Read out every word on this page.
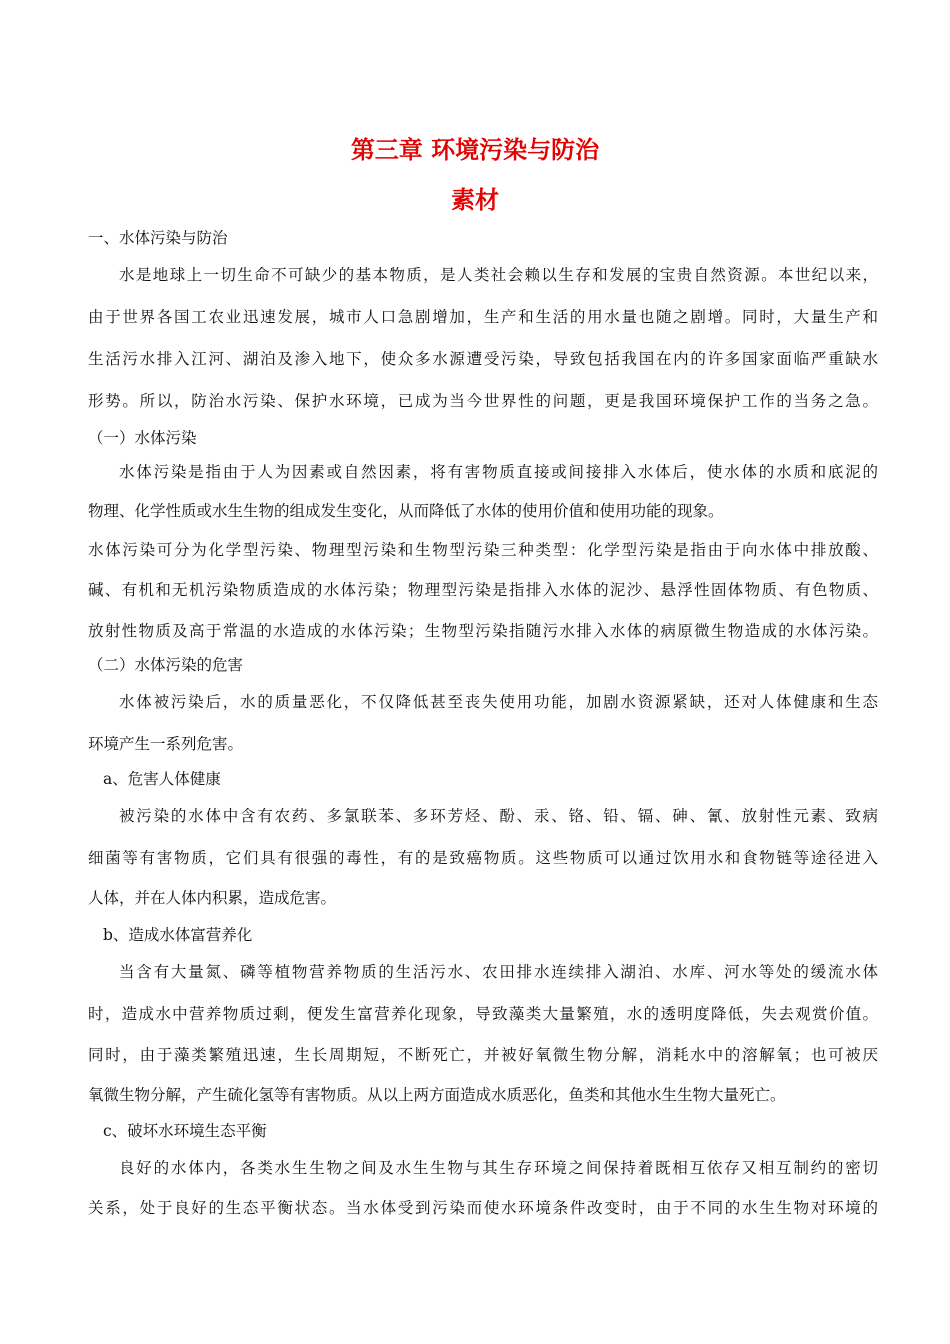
第三章 环境污染与防治
素材
一、水体污染与防治
水是地球上一切生命不可缺少的基本物质，是人类社会赖以生存和发展的宝贵自然资源。本世纪以来，
由于世界各国工农业迅速发展，城市人口急剧增加，生产和生活的用水量也随之剧增。同时，大量生产和
生活污水排入江河、湖泊及渗入地下，使众多水源遭受污染，导致包括我国在内的许多国家面临严重缺水
形势。所以，防治水污染、保护水环境，已成为当今世界性的问题，更是我国环境保护工作的当务之急。
（一）水体污染
水体污染是指由于人为因素或自然因素，将有害物质直接或间接排入水体后，使水体的水质和底泥的
物理、化学性质或水生生物的组成发生变化，从而降低了水体的使用价值和使用功能的现象。
水体污染可分为化学型污染、物理型污染和生物型污染三种类型：化学型污染是指由于向水体中排放酸、
碱、有机和无机污染物质造成的水体污染；物理型污染是指排入水体的泥沙、悬浮性固体物质、有色物质、
放射性物质及高于常温的水造成的水体污染；生物型污染指随污水排入水体的病原微生物造成的水体污染。
（二）水体污染的危害
水体被污染后，水的质量恶化，不仅降低甚至丧失使用功能，加剧水资源紧缺，还对人体健康和生态
环境产生一系列危害。
a、危害人体健康
被污染的水体中含有农药、多氯联苯、多环芳烃、酚、汞、铬、铅、镉、砷、氰、放射性元素、致病
细菌等有害物质，它们具有很强的毒性，有的是致癌物质。这些物质可以通过饮用水和食物链等途径进入
人体，并在人体内积累，造成危害。
b、造成水体富营养化
当含有大量氮、磷等植物营养物质的生活污水、农田排水连续排入湖泊、水库、河水等处的缓流水体
时，造成水中营养物质过剩，便发生富营养化现象，导致藻类大量繁殖，水的透明度降低，失去观赏价值。
同时，由于藻类繁殖迅速，生长周期短，不断死亡，并被好氧微生物分解，消耗水中的溶解氧；也可被厌
氧微生物分解，产生硫化氢等有害物质。从以上两方面造成水质恶化，鱼类和其他水生生物大量死亡。
c、破坏水环境生态平衡
良好的水体内，各类水生生物之间及水生生物与其生存环境之间保持着既相互依存又相互制约的密切
关系，处于良好的生态平衡状态。当水体受到污染而使水环境条件改变时，由于不同的水生生物对环境的
